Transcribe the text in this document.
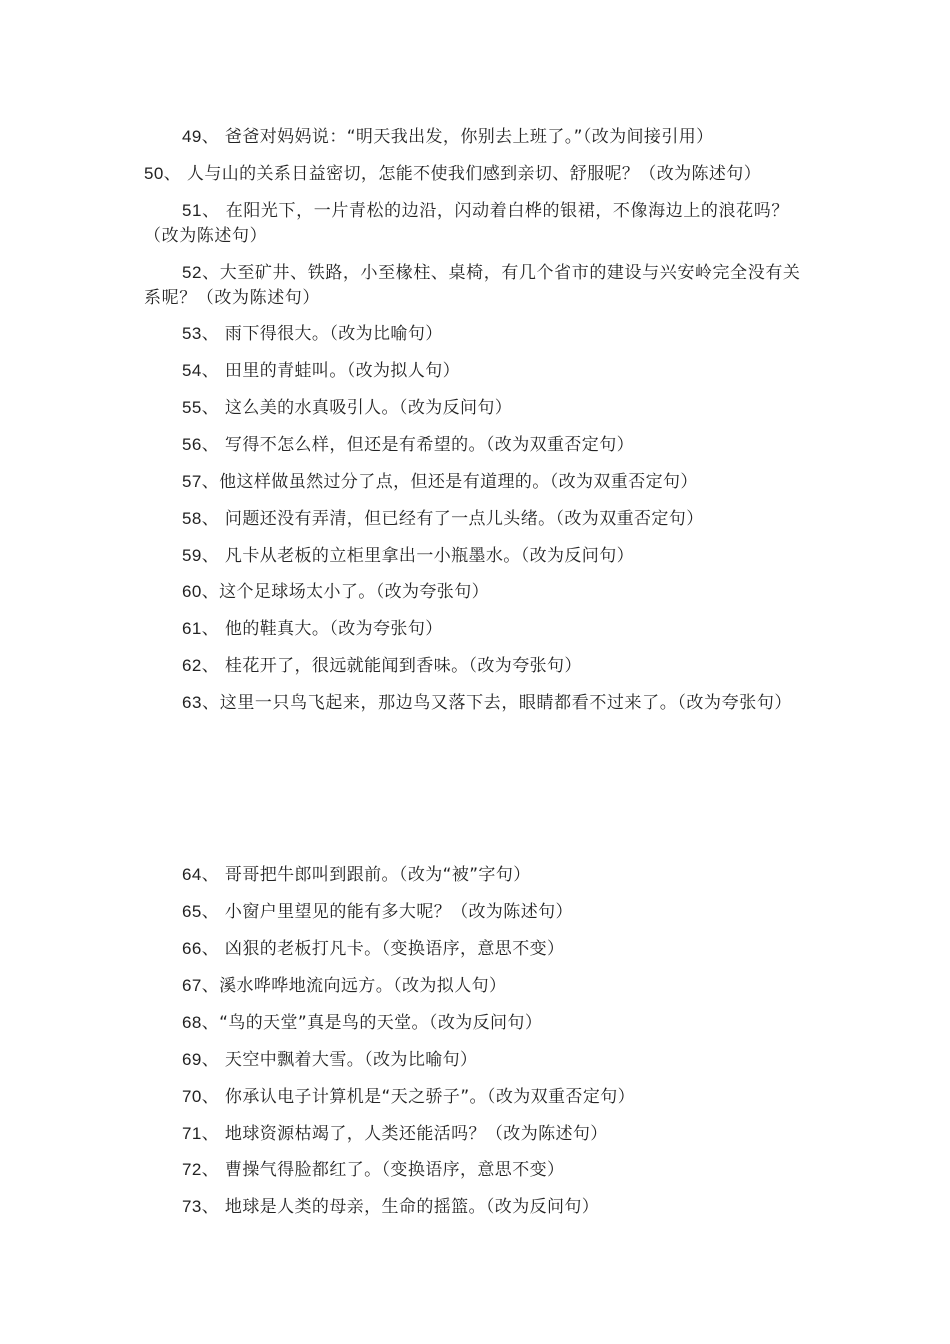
49、 爸爸对妈妈说：“明天我出发，你别去上班了。”（改为间接引用）
50、 人与山的关系日益密切，怎能不使我们感到亲切、舒服呢？（改为陈述句）
51、 在阳光下，一片青松的边沿，闪动着白桦的银裙，不像海边上的浪花吗？（改为陈述句）
52、大至矿井、铁路，小至椽柱、桌椅，有几个省市的建设与兴安岭完全没有关系呢？（改为陈述句）
53、 雨下得很大。（改为比喻句）
54、 田里的青蛙叫。（改为拟人句）
55、 这么美的水真吸引人。（改为反问句）
56、 写得不怎么样，但还是有希望的。（改为双重否定句）
57、他这样做虽然过分了点，但还是有道理的。（改为双重否定句）
58、 问题还没有弄清，但已经有了一点儿头绪。（改为双重否定句）
59、 凡卡从老板的立柜里拿出一小瓶墨水。（改为反问句）
60、这个足球场太小了。（改为夸张句）
61、 他的鞋真大。（改为夸张句）
62、 桂花开了，很远就能闻到香味。（改为夸张句）
63、这里一只鸟飞起来，那边鸟又落下去，眼睛都看不过来了。（改为夸张句）
64、 哥哥把牛郎叫到跟前。（改为“被”字句）
65、 小窗户里望见的能有多大呢？（改为陈述句）
66、 凶狠的老板打凡卡。（变换语序，意思不变）
67、溪水哗哗地流向远方。（改为拟人句）
68、“鸟的天堂”真是鸟的天堂。（改为反问句）
69、 天空中飘着大雪。（改为比喻句）
70、 你承认电子计算机是“天之骄子”。（改为双重否定句）
71、 地球资源枯竭了，人类还能活吗？（改为陈述句）
72、 曹操气得脸都红了。（变换语序，意思不变）
73、 地球是人类的母亲，生命的摇篮。（改为反问句）
